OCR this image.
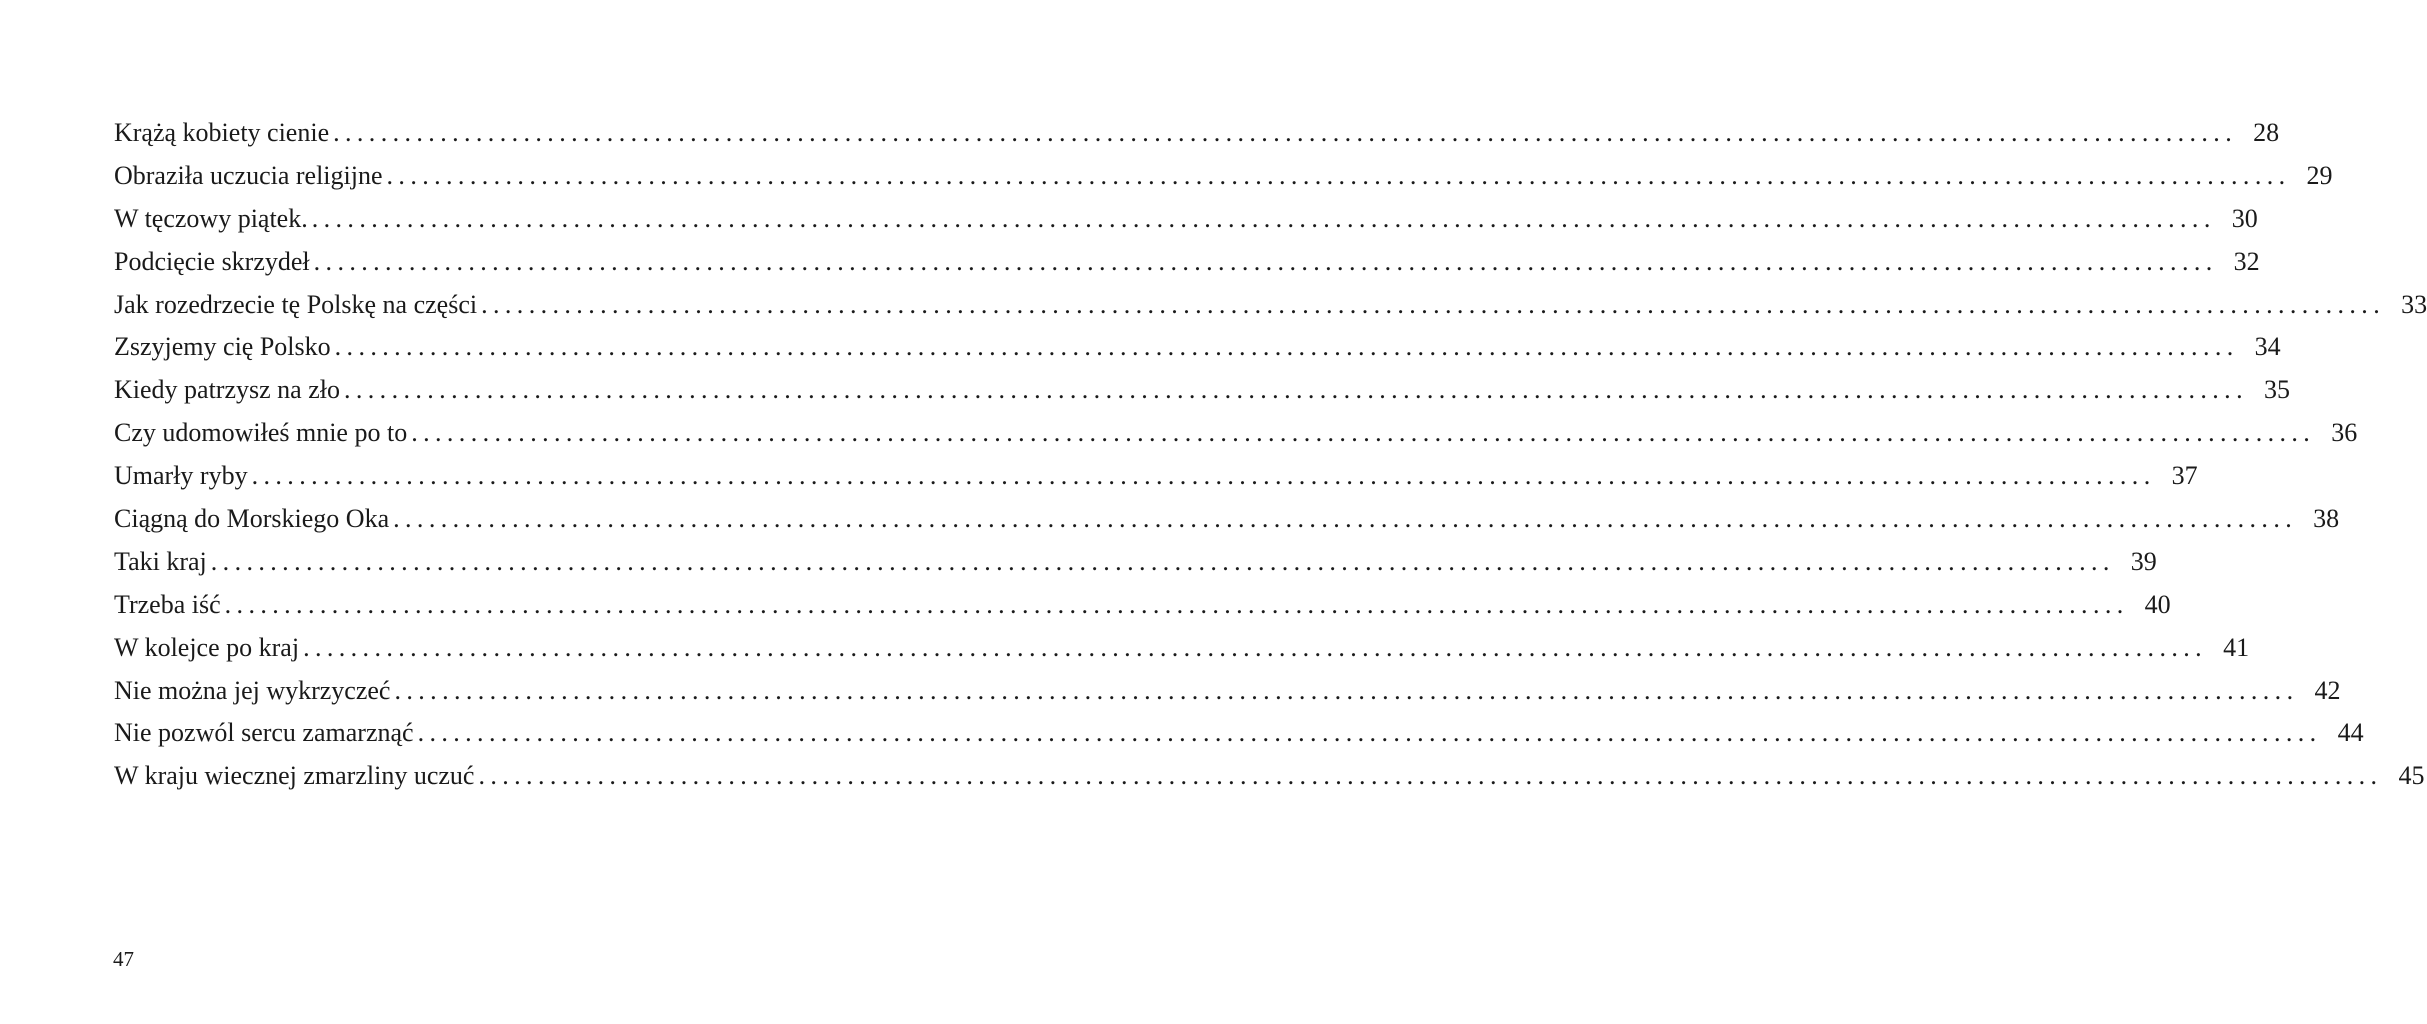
Krążą kobiety cienie ................................................................................................................................................................ 28
Obraziła uczucia religijne ................................................................................................................................................................ 29
W tęczowy piątek. ................................................................................................................................................................ 30
Podcięcie skrzydeł ................................................................................................................................................................ 32
Jak rozedrzecie tę Polskę na części ................................................................................................................................................................ 33
Zszyjemy cię Polsko ................................................................................................................................................................ 34
Kiedy patrzysz na zło ................................................................................................................................................................ 35
Czy udomowiłeś mnie po to ................................................................................................................................................................ 36
Umarły ryby ................................................................................................................................................................ 37
Ciągną do Morskiego Oka ................................................................................................................................................................ 38
Taki kraj ................................................................................................................................................................ 39
Trzeba iść ................................................................................................................................................................ 40
W kolejce po kraj ................................................................................................................................................................ 41
Nie można jej wykrzyczeć ................................................................................................................................................................ 42
Nie pozwól sercu zamarznąć ................................................................................................................................................................ 44
W kraju wiecznej zmarzliny uczuć ................................................................................................................................................................ 45
47
